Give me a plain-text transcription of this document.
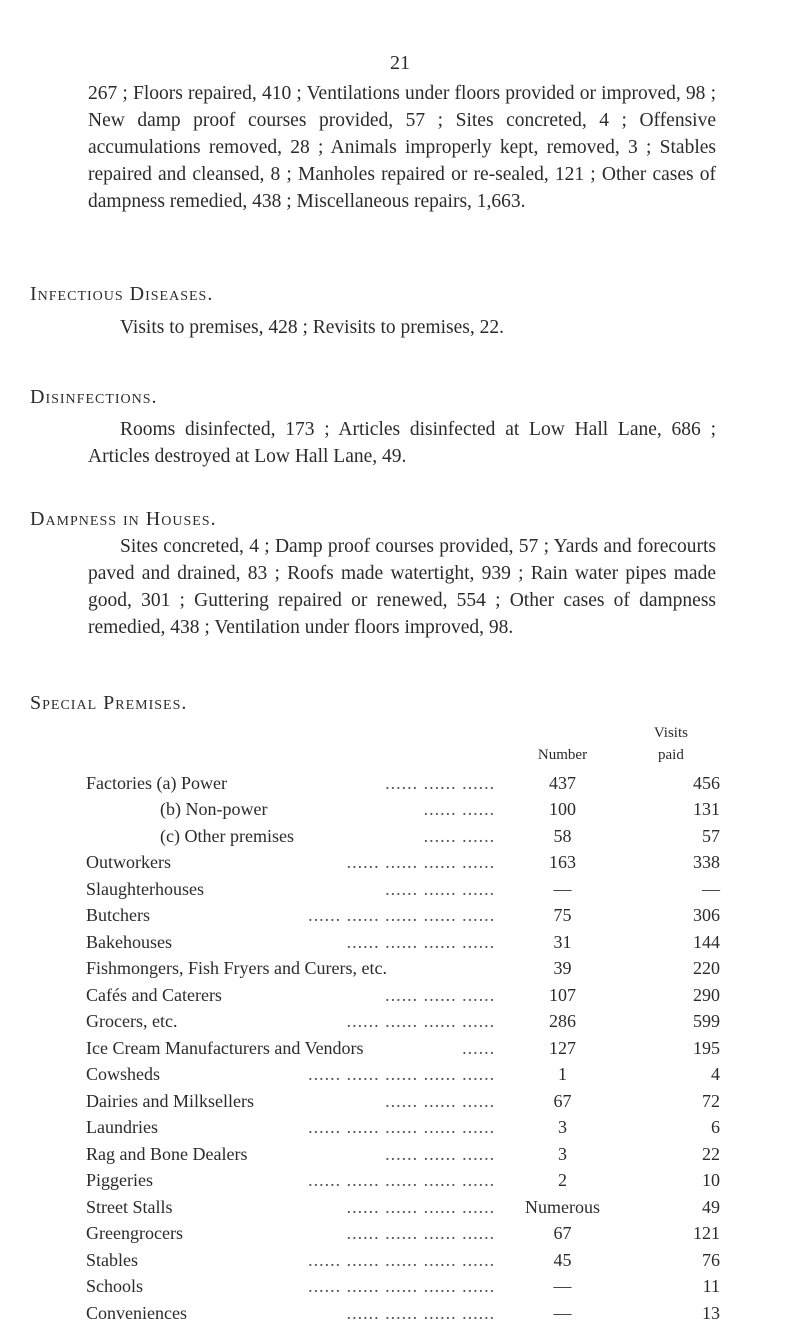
21

267 ; Floors repaired, 410 ; Ventilations under floors provided or improved, 98 ; New damp proof courses provided, 57 ; Sites concreted, 4 ; Offensive accumulations removed, 28 ; Animals improperly kept, removed, 3 ; Stables repaired and cleansed, 8 ; Manholes repaired or re-sealed, 121 ; Other cases of dampness remedied, 438 ; Miscellaneous repairs, 1,663.

Infectious Diseases.

Visits to premises, 428 ; Revisits to premises, 22.

Disinfections.

Rooms disinfected, 173 ; Articles disinfected at Low Hall Lane, 686 ; Articles destroyed at Low Hall Lane, 49.

Dampness in Houses.

Sites concreted, 4 ; Damp proof courses provided, 57 ; Yards and forecourts paved and drained, 83 ; Roofs made watertight, 939 ; Rain water pipes made good, 301 ; Guttering repaired or renewed, 554 ; Other cases of dampness remedied, 438 ; Ventilation under floors improved, 98.

Special Premises.
	Number	Visits
paid

Factories (a) Power ...... ...... ......	437	456

(b) Non-power ...... ......	100	131

(c) Other premises ...... ......	58	57

Outworkers ...... ...... ...... ......	163	338

Slaughterhouses ...... ...... ......	—	—

Butchers ...... ...... ...... ...... ......	75	306

Bakehouses ...... ...... ...... ......	31	144

Fishmongers, Fish Fryers and Curers, etc.	39	220

Cafés and Caterers ...... ...... ......	107	290

Grocers, etc. ...... ...... ...... ......	286	599

Ice Cream Manufacturers and Vendors ......	127	195

Cowsheds ...... ...... ...... ...... ......	1	4

Dairies and Milksellers ...... ...... ......	67	72

Laundries ...... ...... ...... ...... ......	3	6

Rag and Bone Dealers ...... ...... ......	3	22

Piggeries ...... ...... ...... ...... ......	2	10

Street Stalls ...... ...... ...... ......	Numerous	49

Greengrocers ...... ...... ...... ......	67	121

Stables ...... ...... ...... ...... ......	45	76

Schools ...... ...... ...... ...... ......	—	11

Conveniences ...... ...... ...... ......	—	13
